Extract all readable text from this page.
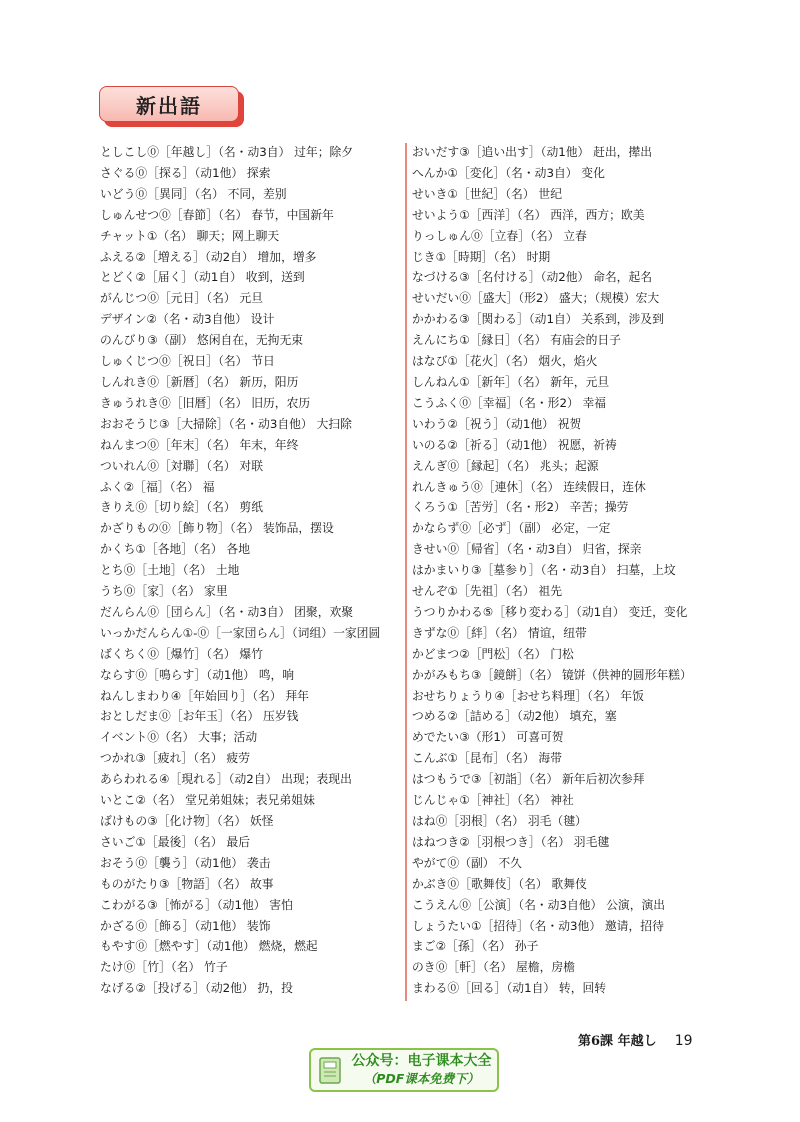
新出語
としこし⓪［年越し］（名・动3自） 过年；除夕
さぐる⓪［探る］（动1他） 探索
いどう⓪［異同］（名） 不同，差别
しゅんせつ⓪［春節］（名） 春节，中国新年
チャット①（名） 聊天；网上聊天
ふえる②［増える］（动2自） 增加，增多
とどく②［届く］（动1自） 收到，送到
がんじつ⓪［元日］（名） 元旦
デザイン②（名・动3自他） 设计
のんびり③（副） 悠闲自在，无拘无束
しゅくじつ⓪［祝日］（名） 节日
しんれき⓪［新暦］（名） 新历，阳历
きゅうれき⓪［旧暦］（名） 旧历，农历
おおそうじ③［大掃除］（名・动3自他） 大扫除
ねんまつ⓪［年末］（名） 年末，年终
ついれん⓪［対聯］（名） 对联
ふく②［福］（名） 福
きりえ⓪［切り絵］（名） 剪纸
かざりもの⓪［飾り物］（名） 装饰品，摆设
かくち①［各地］（名） 各地
とち⓪［土地］（名） 土地
うち⓪［家］（名） 家里
だんらん⓪［団らん］（名・动3自） 团聚，欢聚
いっかだんらん①-⓪［一家団らん］（词组）一家团圆
ばくちく⓪［爆竹］（名） 爆竹
ならす⓪［鳴らす］（动1他） 鸣，响
ねんしまわり④［年始回り］（名） 拜年
おとしだま⓪［お年玉］（名） 压岁钱
イベント⓪（名） 大事；活动
つかれ③［疲れ］（名） 疲劳
あらわれる④［現れる］（动2自） 出现；表现出
いとこ②（名） 堂兄弟姐妹；表兄弟姐妹
ばけもの③［化け物］（名） 妖怪
さいご①［最後］（名） 最后
おそう⓪［襲う］（动1他） 袭击
ものがたり③［物語］（名） 故事
こわがる③［怖がる］（动1他） 害怕
かざる⓪［飾る］（动1他） 装饰
もやす⓪［燃やす］（动1他） 燃烧，燃起
たけ⓪［竹］（名） 竹子
なげる②［投げる］（动2他） 扔，投
おいだす③［追い出す］（动1他） 赶出，撵出
へんか①［変化］（名・动3自） 变化
せいき①［世紀］（名） 世纪
せいよう①［西洋］（名） 西洋，西方；欧美
りっしゅん⓪［立春］（名） 立春
じき①［時期］（名） 时期
なづける③［名付ける］（动2他） 命名，起名
せいだい⓪［盛大］（形2） 盛大；（规模）宏大
かかわる③［関わる］（动1自） 关系到，涉及到
えんにち①［縁日］（名） 有庙会的日子
はなび①［花火］（名） 烟火，焰火
しんねん①［新年］（名） 新年，元旦
こうふく⓪［幸福］（名・形2） 幸福
いわう②［祝う］（动1他） 祝贺
いのる②［祈る］（动1他） 祝愿，祈祷
えんぎ⓪［縁起］（名） 兆头；起源
れんきゅう⓪［連休］（名） 连续假日，连休
くろう①［苦労］（名・形2） 辛苦；操劳
かならず⓪［必ず］（副） 必定，一定
きせい⓪［帰省］（名・动3自） 归省，探亲
はかまいり③［墓参り］（名・动3自） 扫墓，上坟
せんぞ①［先祖］（名） 祖先
うつりかわる⑤［移り変わる］（动1自） 变迁，变化
きずな⓪［絆］（名） 情谊，纽带
かどまつ②［門松］（名） 门松
かがみもち③［鏡餅］（名） 镜饼（供神的圆形年糕）
おせちりょうり④［おせち料理］（名） 年饭
つめる②［詰める］（动2他） 填充，塞
めでたい③（形1） 可喜可贺
こんぶ①［昆布］（名） 海带
はつもうで③［初詣］（名） 新年后初次参拜
じんじゃ①［神社］（名） 神社
はね⓪［羽根］（名） 羽毛（毽）
はねつき②［羽根つき］（名） 羽毛毽
やがて⓪（副） 不久
かぶき⓪［歌舞伎］（名） 歌舞伎
こうえん⓪［公演］（名・动3自他） 公演，演出
しょうたい①［招待］（名・动3他） 邀请，招待
まご②［孫］（名） 孙子
のき⓪［軒］（名） 屋檐，房檐
まわる⓪［回る］（动1自） 转，回转
第6課 年越し 19
公众号：电子课本大全
（PDF课本免费下）
